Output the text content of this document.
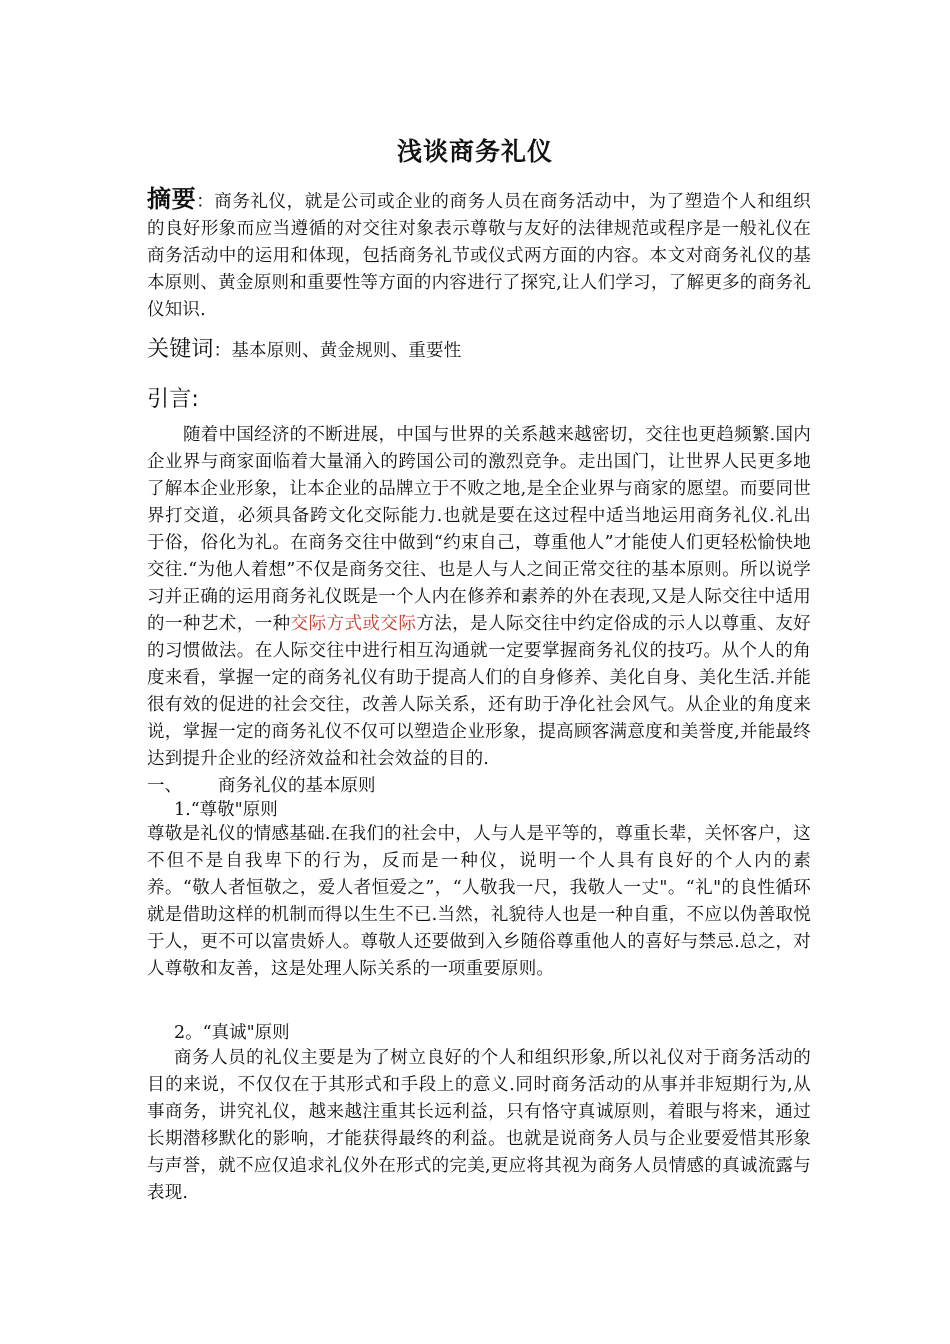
浅谈商务礼仪
摘要：商务礼仪，就是公司或企业的商务人员在商务活动中，为了塑造个人和组织的良好形象而应当遵循的对交往对象表示尊敬与友好的法律规范或程序是一般礼仪在商务活动中的运用和体现，包括商务礼节或仪式两方面的内容。本文对商务礼仪的基本原则、黄金原则和重要性等方面的内容进行了探究,让人们学习，了解更多的商务礼仪知识.
关键词：基本原则、黄金规则、重要性
引言:
随着中国经济的不断进展，中国与世界的关系越来越密切，交往也更趋频繁.国内企业界与商家面临着大量涌入的跨国公司的激烈竞争。走出国门，让世界人民更多地了解本企业形象，让本企业的品牌立于不败之地,是全企业界与商家的愿望。而要同世界打交道，必须具备跨文化交际能力.也就是要在这过程中适当地运用商务礼仪.礼出于俗，俗化为礼。在商务交往中做到“约束自己，尊重他人”才能使人们更轻松愉快地交往.“为他人着想”不仅是商务交往、也是人与人之间正常交往的基本原则。所以说学习并正确的运用商务礼仪既是一个人内在修养和素养的外在表现,又是人际交往中适用的一种艺术，一种交际方式或交际方法，是人际交往中约定俗成的示人以尊重、友好的习惯做法。在人际交往中进行相互沟通就一定要掌握商务礼仪的技巧。从个人的角度来看，掌握一定的商务礼仪有助于提高人们的自身修养、美化自身、美化生活.并能很有效的促进的社会交往，改善人际关系，还有助于净化社会风气。从企业的角度来说，掌握一定的商务礼仪不仅可以塑造企业形象，提高顾客满意度和美誉度,并能最终达到提升企业的经济效益和社会效益的目的.
一、 商务礼仪的基本原则
1.“尊敬"原则
尊敬是礼仪的情感基础.在我们的社会中，人与人是平等的，尊重长辈，关怀客户，这不但不是自我卑下的行为，反而是一种仪，说明一个人具有良好的个人内的素养。“敬人者恒敬之，爱人者恒爱之”，“人敬我一尺，我敬人一丈"。“礼"的良性循环就是借助这样的机制而得以生生不已.当然，礼貌待人也是一种自重，不应以伪善取悦于人，更不可以富贵娇人。尊敬人还要做到入乡随俗尊重他人的喜好与禁忌.总之，对人尊敬和友善，这是处理人际关系的一项重要原则。
2。“真诚"原则
商务人员的礼仪主要是为了树立良好的个人和组织形象,所以礼仪对于商务活动的目的来说，不仅仅在于其形式和手段上的意义.同时商务活动的从事并非短期行为,从事商务，讲究礼仪，越来越注重其长远利益，只有恪守真诚原则，着眼与将来，通过长期潜移默化的影响，才能获得最终的利益。也就是说商务人员与企业要爱惜其形象与声誉，就不应仅追求礼仪外在形式的完美,更应将其视为商务人员情感的真诚流露与表现.
